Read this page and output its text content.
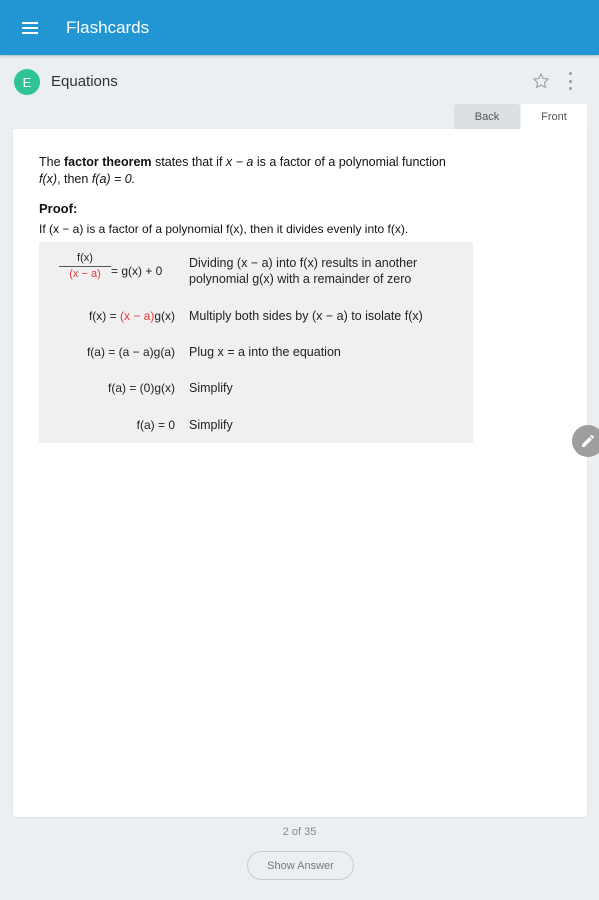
Flashcards
E	Equations
Back	Front
The factor theorem states that if x − a is a factor of a polynomial function f(x), then f(a) = 0.
Proof:
If (x − a) is a factor of a polynomial f(x), then it divides evenly into f(x).
$\frac{f(x)}{(x - a)} = g(x) + 0$
Dividing (x − a) into f(x) results in another
polynomial g(x) with a remainder of zero
f(x) = (x − a)g(x) Multiply both sides by (x − a) to isolate f(x)
f(a) = (a − a)g(a) Plug x = a into the equation
f(a) = (0)g(x) Simplify
f(a) = 0 Simplify
2 of 35
Show Answer
